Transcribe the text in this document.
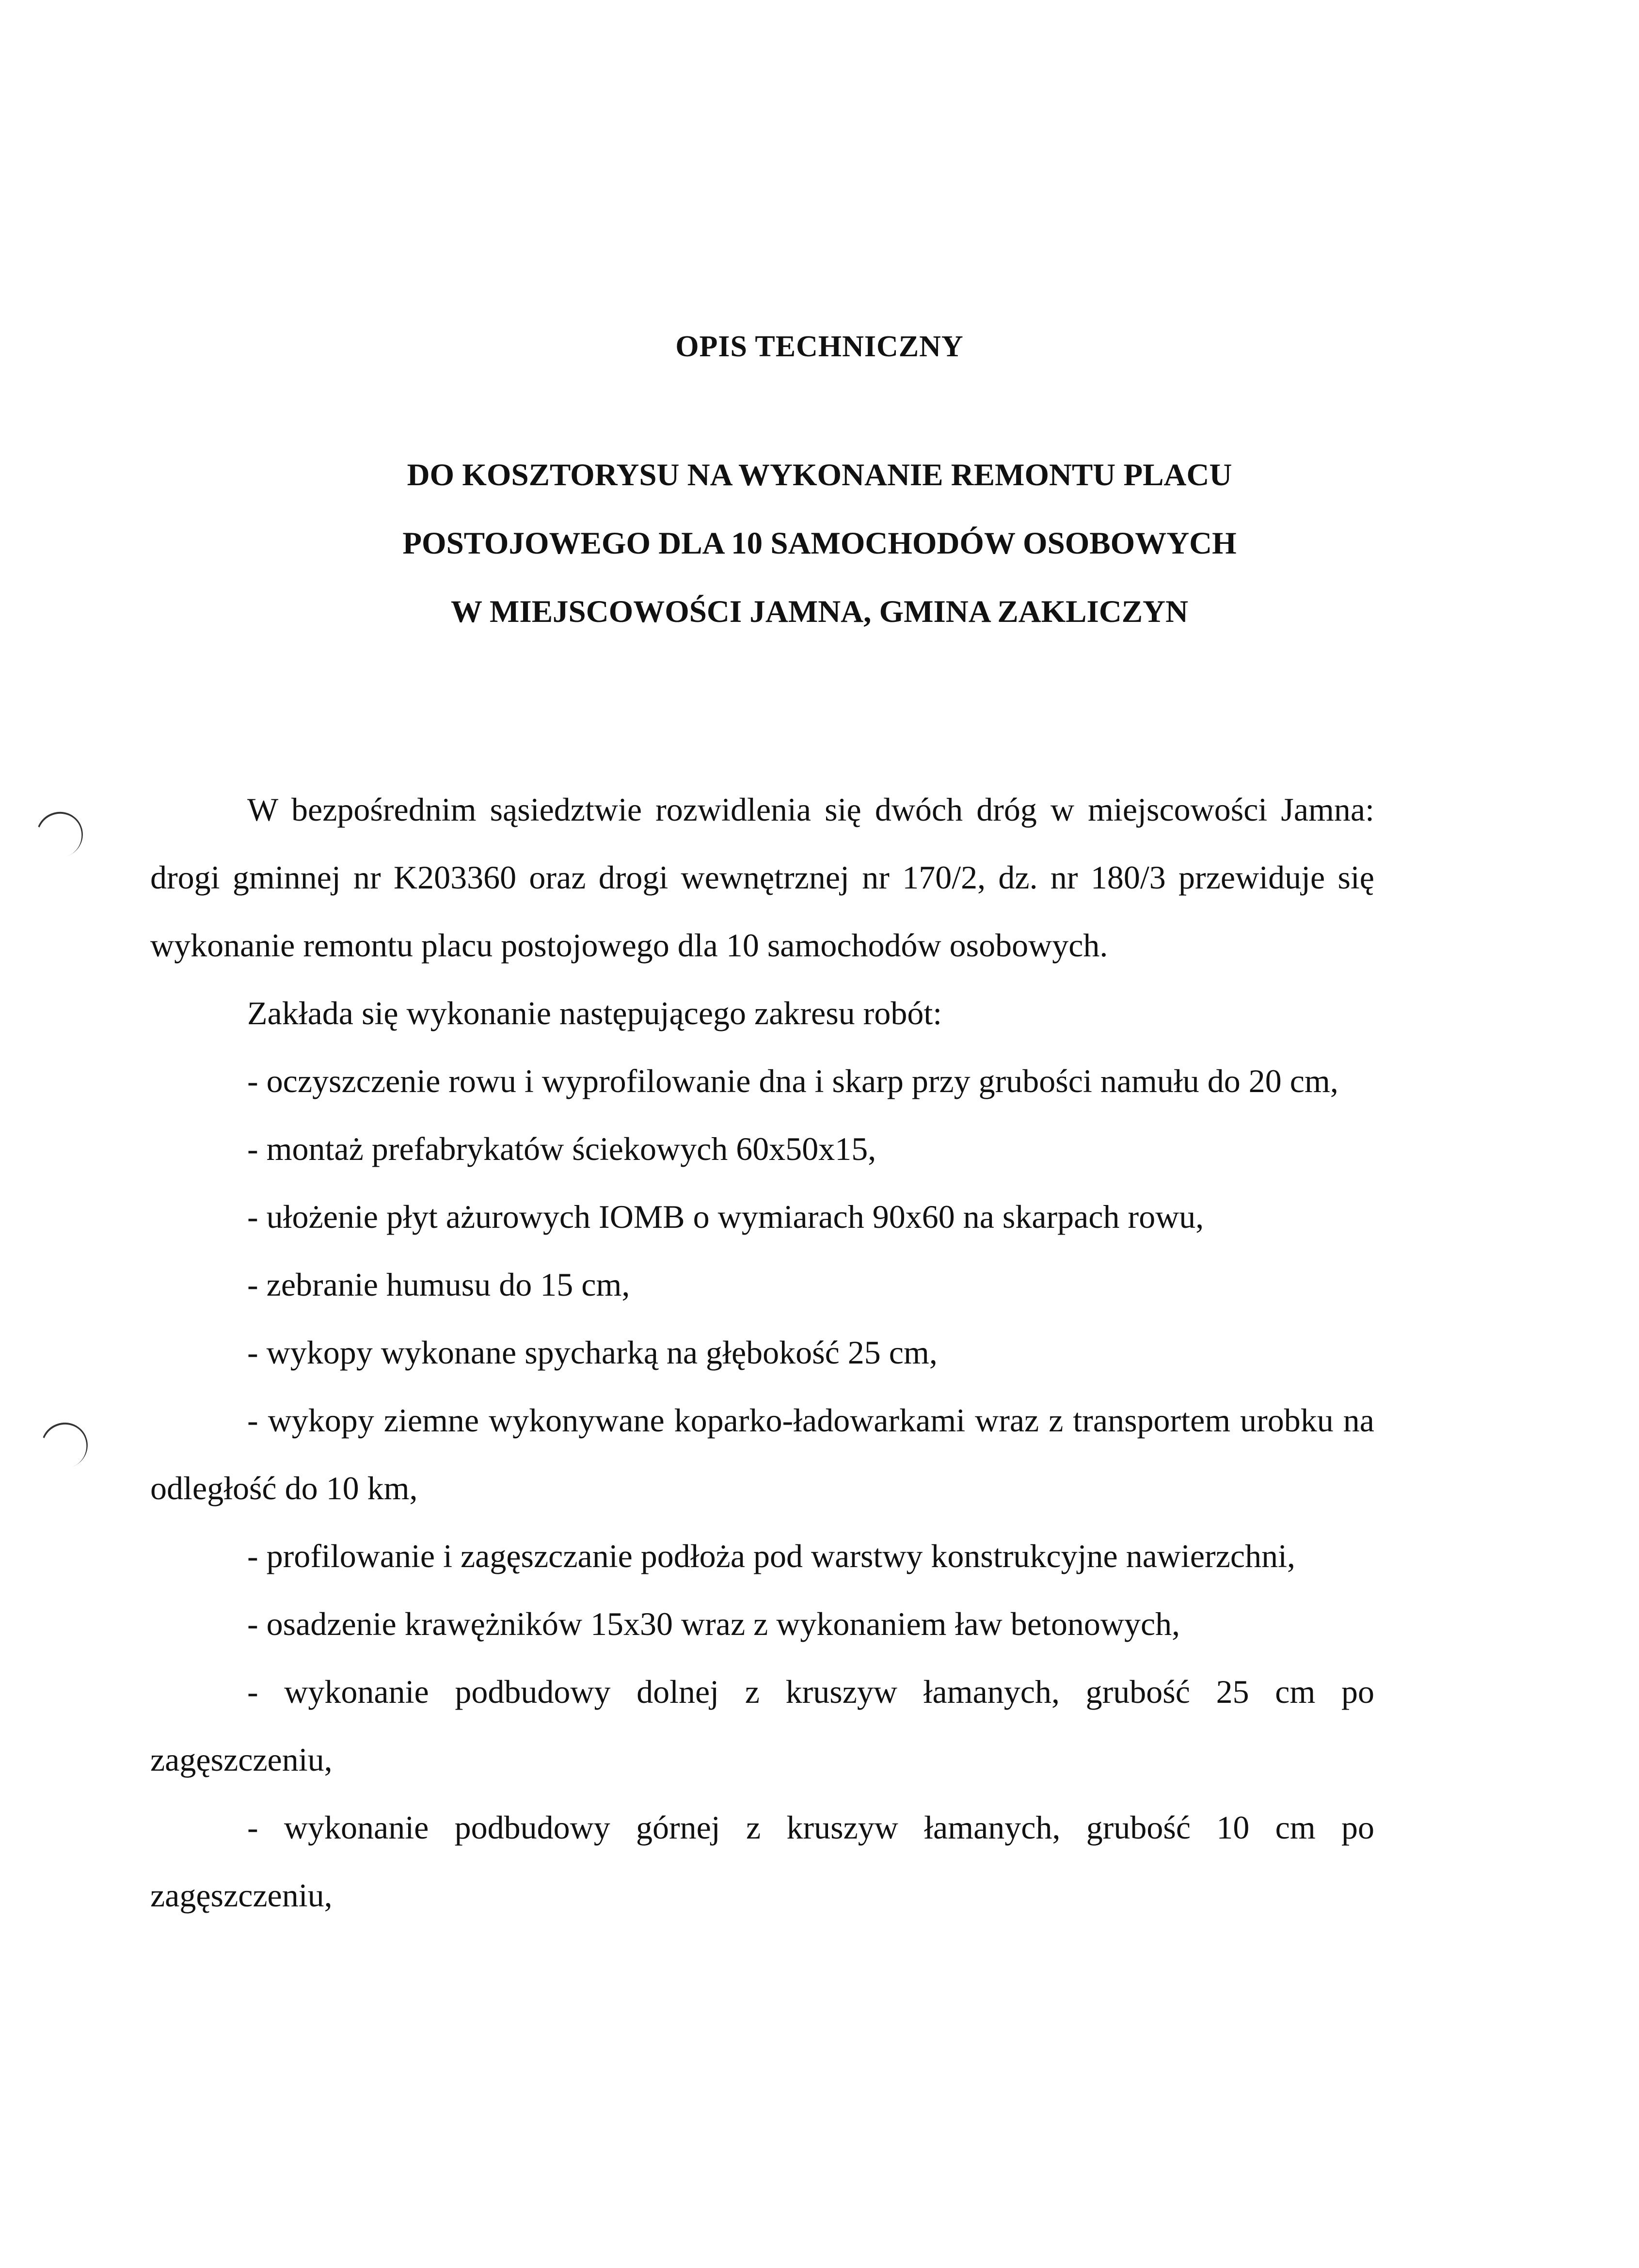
OPIS TECHNICZNY
DO KOSZTORYSU NA WYKONANIE REMONTU PLACU
POSTOJOWEGO DLA 10 SAMOCHODÓW OSOBOWYCH
W MIEJSCOWOŚCI JAMNA, GMINA ZAKLICZYN

W bezpośrednim sąsiedztwie rozwidlenia się dwóch dróg w miejscowości Jamna: drogi gminnej nr K203360 oraz drogi wewnętrznej nr 170/2, dz. nr 180/3 przewiduje się wykonanie remontu placu postojowego dla 10 samochodów osobowych.

Zakłada się wykonanie następującego zakresu robót:

- oczyszczenie rowu i wyprofilowanie dna i skarp przy grubości namułu do 20 cm,

- montaż prefabrykatów ściekowych 60x50x15,

- ułożenie płyt ażurowych IOMB o wymiarach 90x60 na skarpach rowu,

- zebranie humusu do 15 cm,

- wykopy wykonane spycharką na głębokość 25 cm,

- wykopy ziemne wykonywane koparko-ładowarkami wraz z transportem urobku na odległość do 10 km,

- profilowanie i zagęszczanie podłoża pod warstwy konstrukcyjne nawierzchni,

- osadzenie krawężników 15x30 wraz z wykonaniem ław betonowych,

- wykonanie podbudowy dolnej z kruszyw łamanych, grubość 25 cm po zagęszczeniu,

- wykonanie podbudowy górnej z kruszyw łamanych, grubość 10 cm po zagęszczeniu,
